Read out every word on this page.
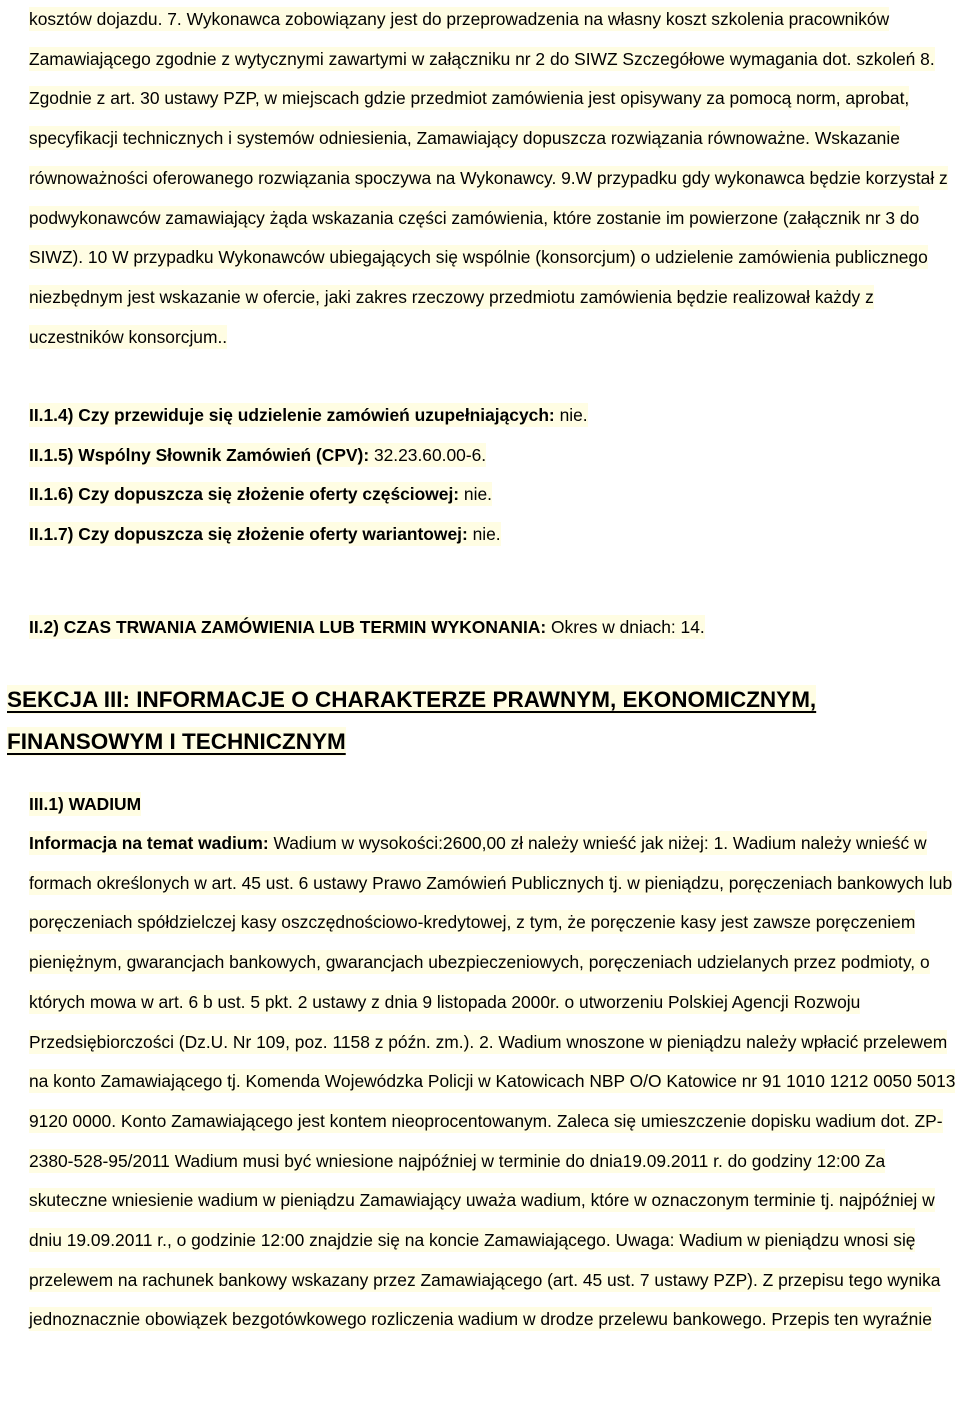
kosztów dojazdu. 7. Wykonawca zobowiązany jest do przeprowadzenia na własny koszt szkolenia pracowników Zamawiającego zgodnie z wytycznymi zawartymi w załączniku nr 2 do SIWZ Szczegółowe wymagania dot. szkoleń 8. Zgodnie z art. 30 ustawy PZP, w miejscach gdzie przedmiot zamówienia jest opisywany za pomocą norm, aprobat, specyfikacji technicznych i systemów odniesienia, Zamawiający dopuszcza rozwiązania równoważne. Wskazanie równoważności oferowanego rozwiązania spoczywa na Wykonawcy. 9.W przypadku gdy wykonawca będzie korzystał z podwykonawców zamawiający żąda wskazania części zamówienia, które zostanie im powierzone (załącznik nr 3 do SIWZ). 10 W przypadku Wykonawców ubiegających się wspólnie (konsorcjum) o udzielenie zamówienia publicznego niezbędnym jest wskazanie w ofercie, jaki zakres rzeczowy przedmiotu zamówienia będzie realizował każdy z uczestników konsorcjum..

II.1.4) Czy przewiduje się udzielenie zamówień uzupełniających: nie.

II.1.5) Wspólny Słownik Zamówień (CPV): 32.23.60.00-6.

II.1.6) Czy dopuszcza się złożenie oferty częściowej: nie.

II.1.7) Czy dopuszcza się złożenie oferty wariantowej: nie.

II.2) CZAS TRWANIA ZAMÓWIENIA LUB TERMIN WYKONANIA: Okres w dniach: 14.

SEKCJA III: INFORMACJE O CHARAKTERZE PRAWNYM, EKONOMICZNYM, FINANSOWYM I TECHNICZNYM

III.1) WADIUM

Informacja na temat wadium: Wadium w wysokości:2600,00 zł należy wnieść jak niżej: 1. Wadium należy wnieść w formach określonych w art. 45 ust. 6 ustawy Prawo Zamówień Publicznych tj. w pieniądzu, poręczeniach bankowych lub poręczeniach spółdzielczej kasy oszczędnościowo-kredytowej, z tym, że poręczenie kasy jest zawsze poręczeniem pieniężnym, gwarancjach bankowych, gwarancjach ubezpieczeniowych, poręczeniach udzielanych przez podmioty, o których mowa w art. 6 b ust. 5 pkt. 2 ustawy z dnia 9 listopada 2000r. o utworzeniu Polskiej Agencji Rozwoju Przedsiębiorczości (Dz.U. Nr 109, poz. 1158 z późn. zm.). 2. Wadium wnoszone w pieniądzu należy wpłacić przelewem na konto Zamawiającego tj. Komenda Wojewódzka Policji w Katowicach NBP O/O Katowice nr 91 1010 1212 0050 5013 9120 0000. Konto Zamawiającego jest kontem nieoprocentowanym. Zaleca się umieszczenie dopisku wadium dot. ZP-2380-528-95/2011 Wadium musi być wniesione najpóźniej w terminie do dnia19.09.2011 r. do godziny 12:00 Za skuteczne wniesienie wadium w pieniądzu Zamawiający uważa wadium, które w oznaczonym terminie tj. najpóźniej w dniu 19.09.2011 r., o godzinie 12:00 znajdzie się na koncie Zamawiającego. Uwaga: Wadium w pieniądzu wnosi się przelewem na rachunek bankowy wskazany przez Zamawiającego (art. 45 ust. 7 ustawy PZP). Z przepisu tego wynika jednoznacznie obowiązek bezgotówkowego rozliczenia wadium w drodze przelewu bankowego. Przepis ten wyraźnie
